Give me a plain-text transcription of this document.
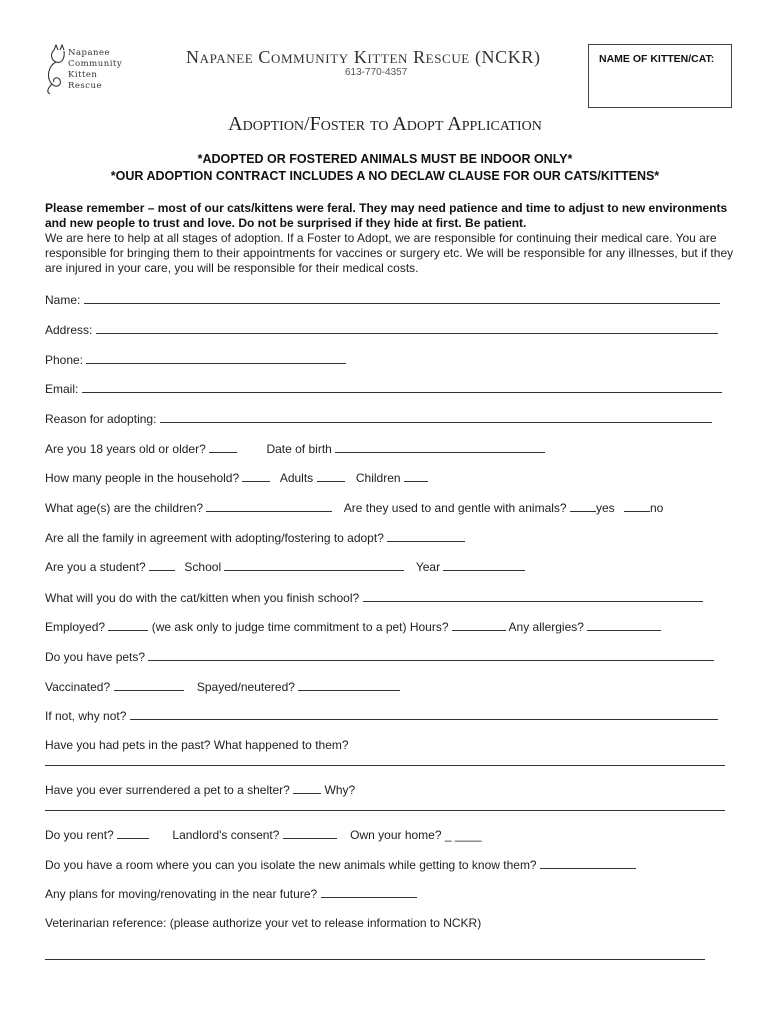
Napanee
Community
Kitten
Rescue
Napanee Community Kitten Rescue (NCKR)
613-770-4357
NAME OF KITTEN/CAT:
Adoption/Foster to Adopt Application
*ADOPTED OR FOSTERED ANIMALS MUST BE INDOOR ONLY*
*OUR ADOPTION CONTRACT INCLUDES A NO DECLAW CLAUSE FOR OUR CATS/KITTENS*
Please remember – most of our cats/kittens were feral. They may need patience and time to adjust to new environments and new people to trust and love. Do not be surprised if they hide at first. Be patient.
We are here to help at all stages of adoption. If a Foster to Adopt, we are responsible for continuing their medical care. You are responsible for bringing them to their appointments for vaccines or surgery etc. We will be responsible for any illnesses, but if they are injured in your care, you will be responsible for their medical costs.
Name:
Address:
Phone:
Email:
Reason for adopting:
Are you 18 years old or older?	Date of birth
How many people in the household?	Adults	Children
What age(s) are the children?	Are they used to and gentle with animals? yes	no
Are all the family in agreement with adopting/fostering to adopt?
Are you a student?	School	Year
What will you do with the cat/kitten when you finish school?
Employed?	(we ask only to judge time commitment to a pet) Hours?	Any allergies?
Do you have pets?
Vaccinated?	Spayed/neutered?
If not, why not?
Have you had pets in the past? What happened to them?
Have you ever surrendered a pet to a shelter?	Why?
Do you rent?	Landlord's consent?	Own your home? _ ____
Do you have a room where you can you isolate the new animals while getting to know them?
Any plans for moving/renovating in the near future?
Veterinarian reference: (please authorize your vet to release information to NCKR)
